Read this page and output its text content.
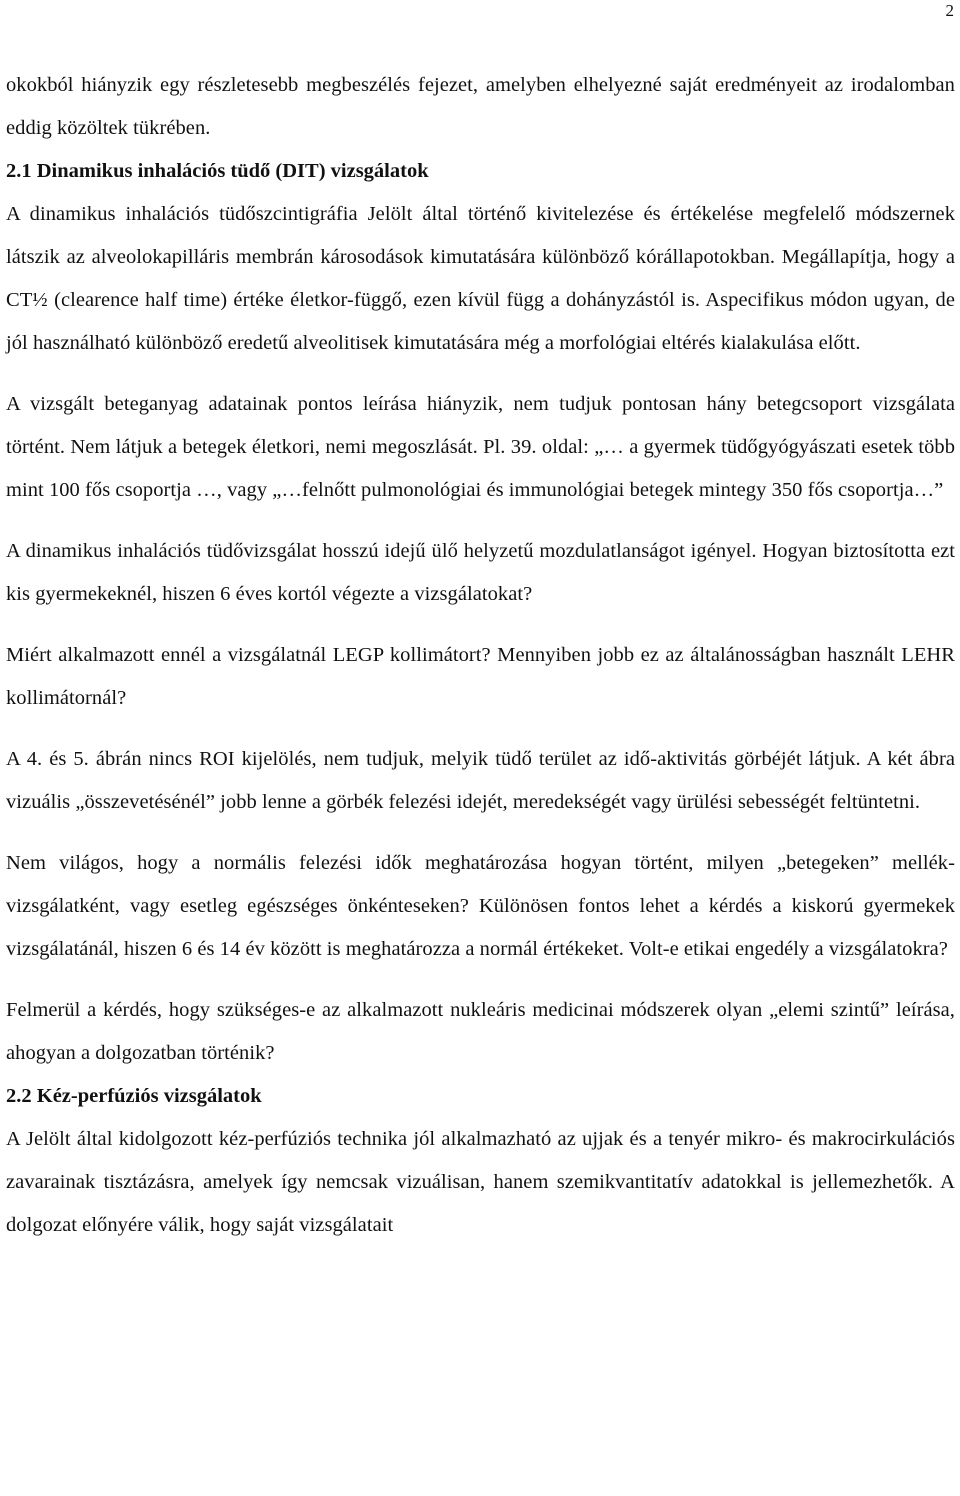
2

okokból hiányzik egy részletesebb megbeszélés fejezet, amelyben elhelyezné saját eredményeit az irodalomban eddig közöltek tükrében.

2.1 Dinamikus inhalációs tüdő (DIT) vizsgálatok

A dinamikus inhalációs tüdőszcintigráfia Jelölt által történő kivitelezése és értékelése megfelelő módszernek látszik az alveolokapilláris membrán károsodások kimutatására különböző kórállapotokban. Megállapítja, hogy a CT½ (clearence half time) értéke életkor-függő, ezen kívül függ a dohányzástól is. Aspecifikus módon ugyan, de jól használható különböző eredetű alveolitisek kimutatására még a morfológiai eltérés kialakulása előtt.

A vizsgált beteganyag adatainak pontos leírása hiányzik, nem tudjuk pontosan hány betegcsoport vizsgálata történt. Nem látjuk a betegek életkori, nemi megoszlását. Pl. 39. oldal: „… a gyermek tüdőgyógyászati esetek több mint 100 fős csoportja …, vagy „…felnőtt pulmonológiai és immunológiai betegek mintegy 350 fős csoportja…”

A dinamikus inhalációs tüdővizsgálat hosszú idejű ülő helyzetű mozdulatlanságot igényel. Hogyan biztosította ezt kis gyermekeknél, hiszen 6 éves kortól végezte a vizsgálatokat?

Miért alkalmazott ennél a vizsgálatnál LEGP kollimátort? Mennyiben jobb ez az általánosságban használt LEHR kollimátornál?

A 4. és 5. ábrán nincs ROI kijelölés, nem tudjuk, melyik tüdő terület az idő-aktivitás görbéjét látjuk. A két ábra vizuális „összevetésénél” jobb lenne a görbék felezési idejét, meredekségét vagy ürülési sebességét feltüntetni.

Nem világos, hogy a normális felezési idők meghatározása hogyan történt, milyen „betegeken” mellék-vizsgálatként, vagy esetleg egészséges önkénteseken? Különösen fontos lehet a kérdés a kiskorú gyermekek vizsgálatánál, hiszen 6 és 14 év között is meghatározza a normál értékeket. Volt-e etikai engedély a vizsgálatokra?

Felmerül a kérdés, hogy szükséges-e az alkalmazott nukleáris medicinai módszerek olyan „elemi szintű” leírása, ahogyan a dolgozatban történik?

2.2 Kéz-perfúziós vizsgálatok

A Jelölt által kidolgozott kéz-perfúziós technika jól alkalmazható az ujjak és a tenyér mikro- és makrocirkulációs zavarainak tisztázásra, amelyek így nemcsak vizuálisan, hanem szemikvantitatív adatokkal is jellemezhetők. A dolgozat előnyére válik, hogy saját vizsgálatait
